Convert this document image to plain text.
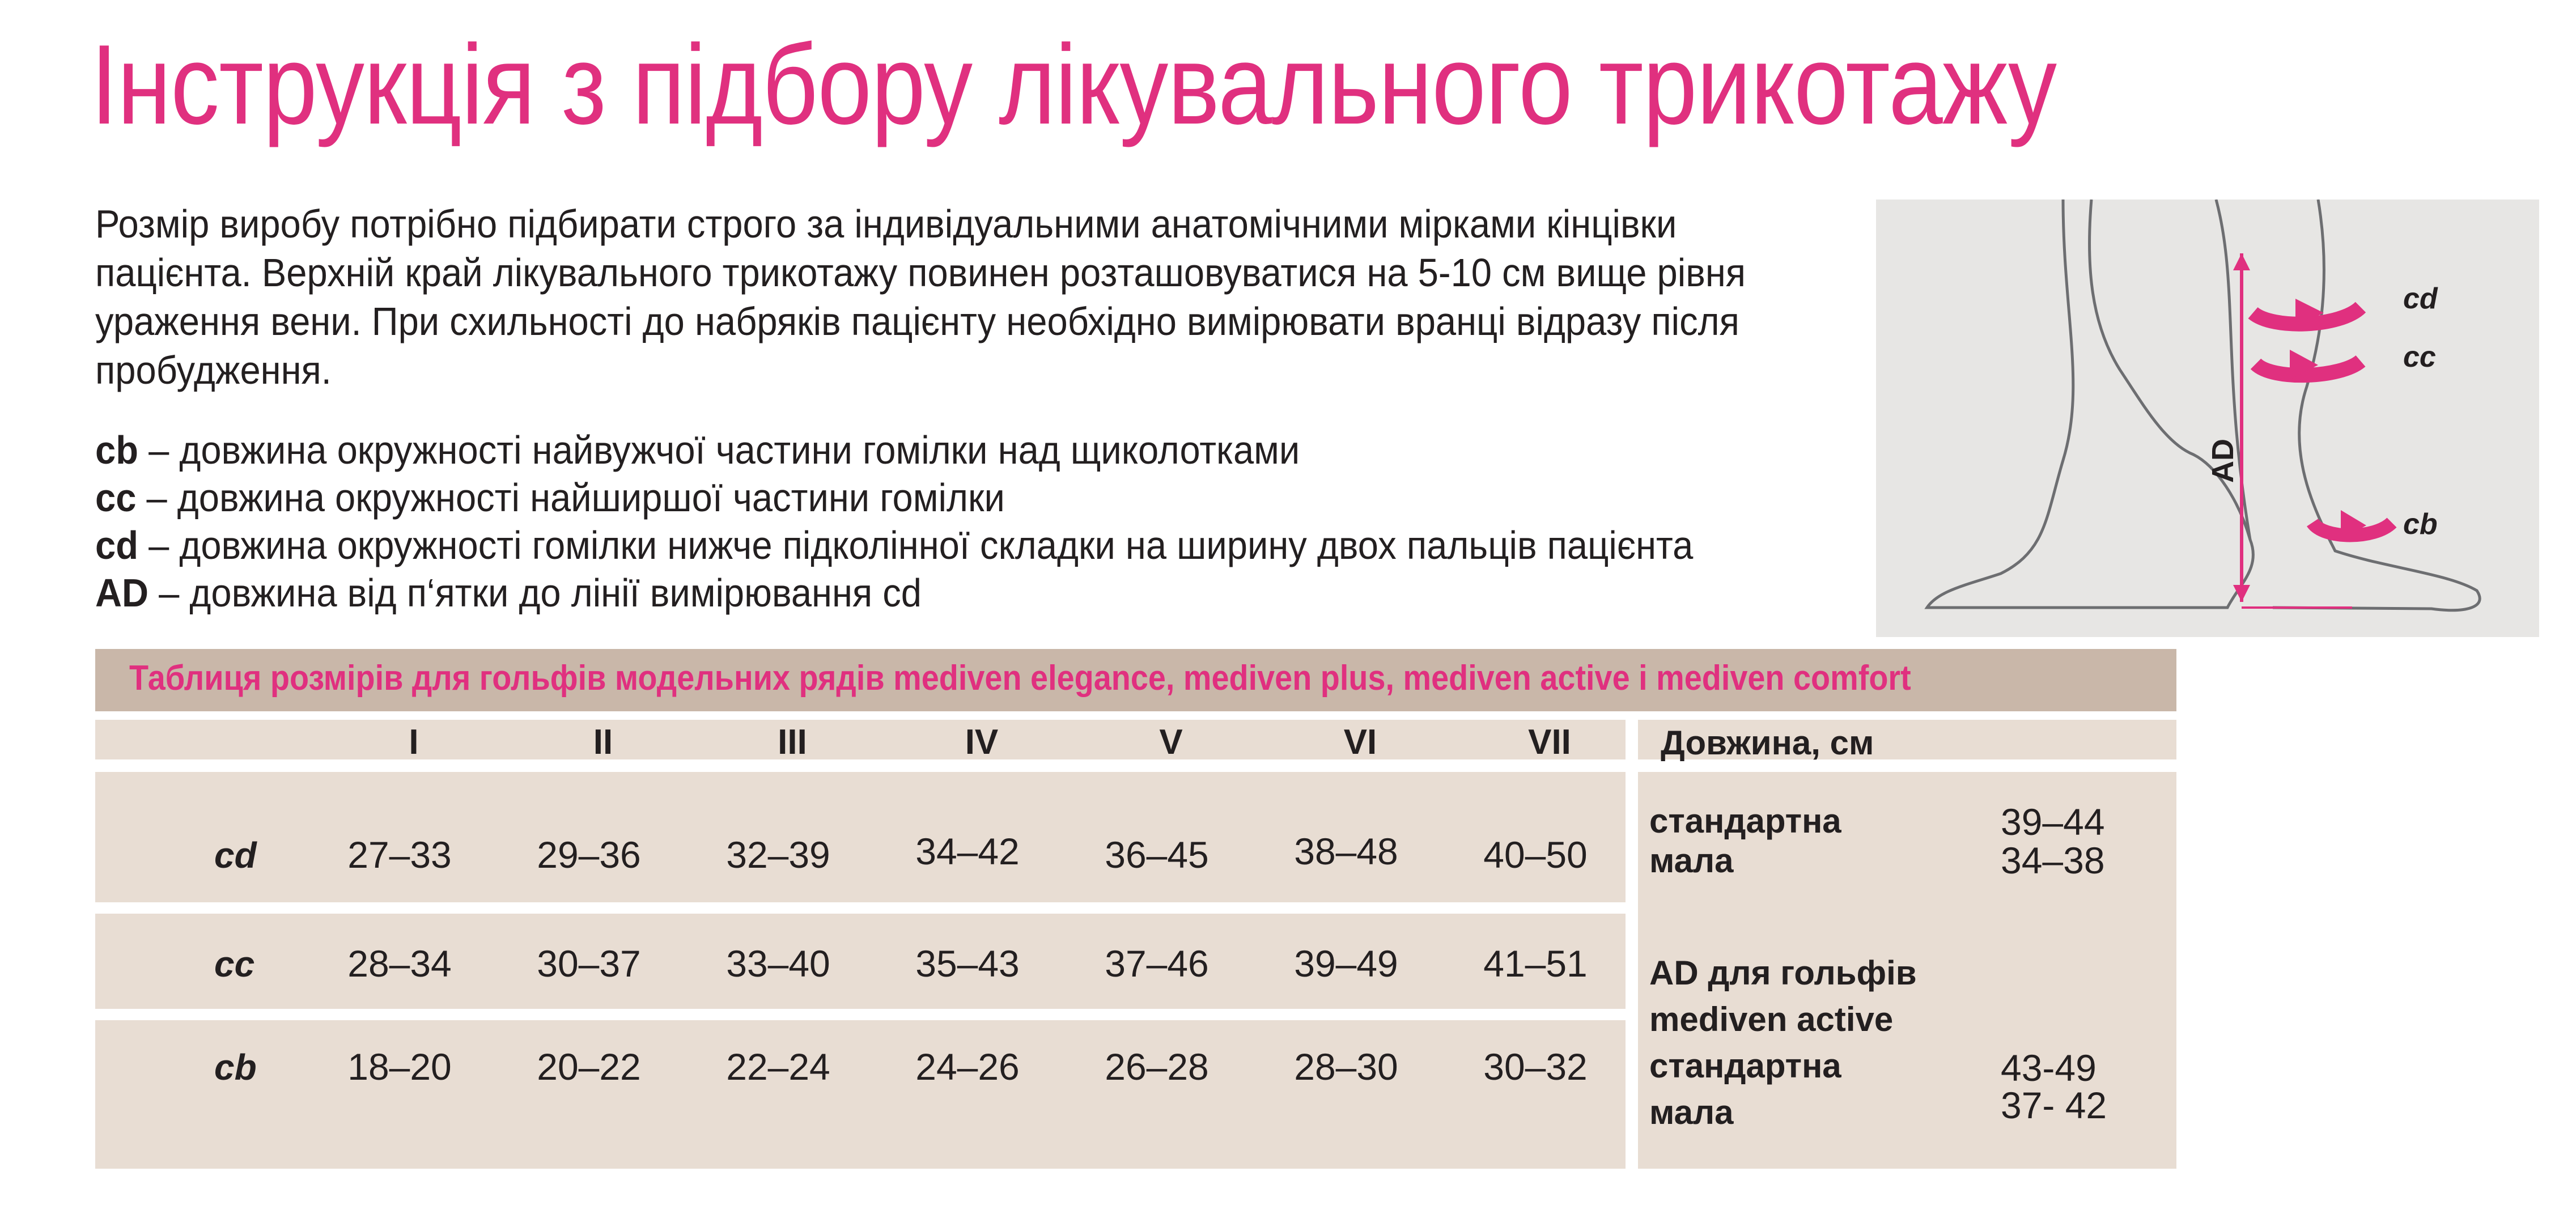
Інструкція з підбору лікувального трикотажу
Розмір виробу потрібно підбирати строго за індивідуальними анатомічними мірками кінцівки
пацієнта. Верхній край лікувального трикотажу повинен розташовуватися на 5-10 см вище рівня
ураження вени. При схильності до набряків пацієнту необхідно вимірювати вранці відразу після
пробудження.
cb – довжина окружності найвужчої частини гомілки над щиколотками
cc – довжина окружності найширшої частини гомілки
cd – довжина окружності гомілки нижче підколінної складки на ширину двох пальців пацієнта
AD – довжина від п‘ятки до лінії вимірювання cd
cd
cc
cb
AD
Таблиця розмірів для гольфів модельних рядів mediven elegance, mediven plus, mediven active і mediven comfort
I	II	III	IV	V	VI	VII	Довжина, см
cd 27–33 29–36 32–39 34–42 36–45 38–48 40–50
cc 28–34 30–37 33–40 35–43 37–46 39–49 41–51
cb 18–20 20–22 22–24 24–26 26–28 28–30 30–32
стандартна	39–44
мала	34–38
AD для гольфів
mediven active
стандартна	43-49
мала	37- 42
